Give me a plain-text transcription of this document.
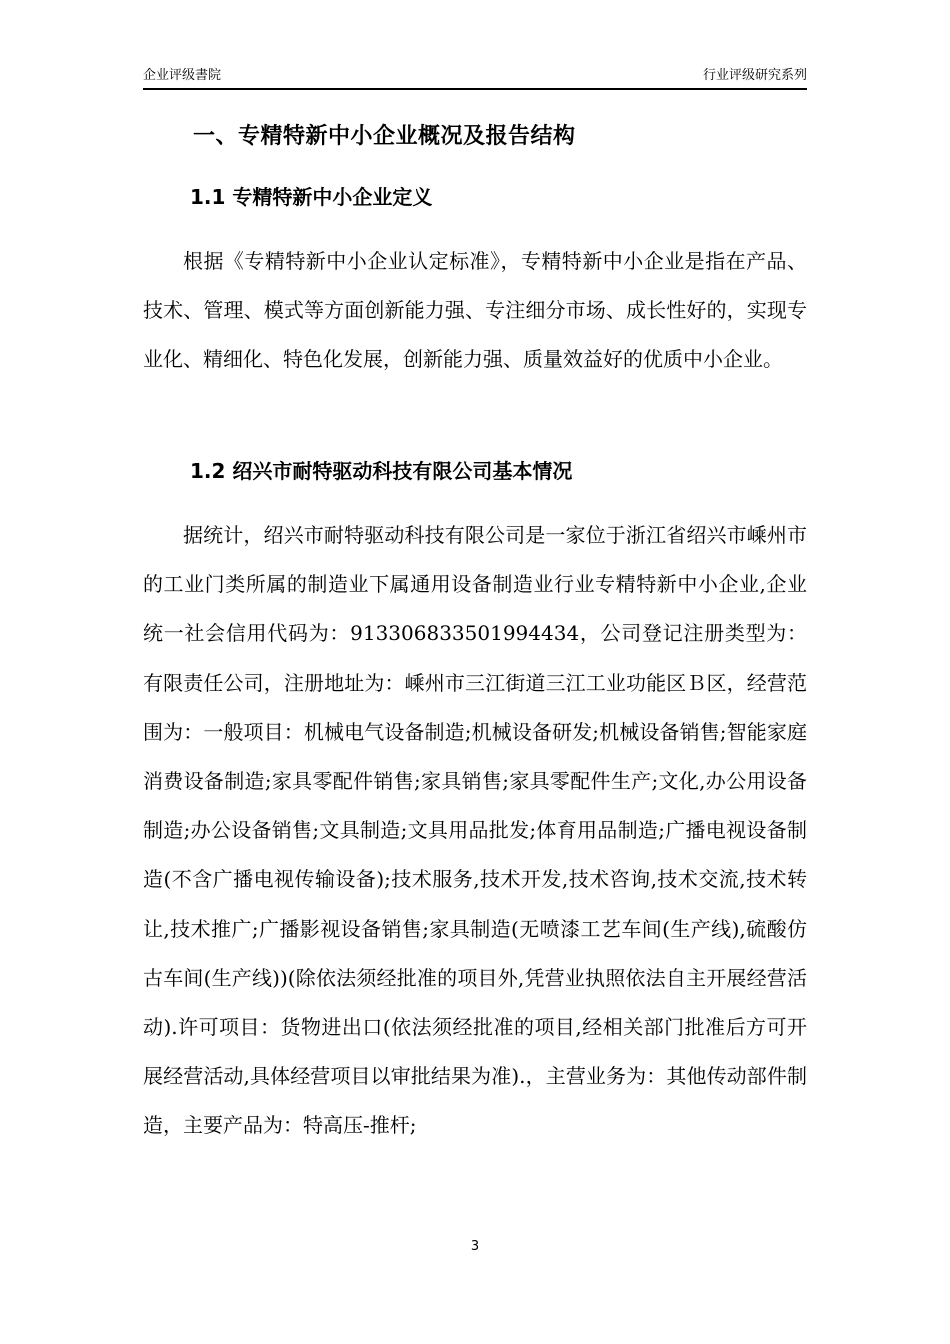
企业评级書院	行业评级研究系列
一、专精特新中小企业概况及报告结构
1.1 专精特新中小企业定义
根据《专精特新中小企业认定标准》，专精特新中小企业是指在产品、技术、管理、模式等方面创新能力强、专注细分市场、成长性好的，实现专业化、精细化、特色化发展，创新能力强、质量效益好的优质中小企业。
1.2 绍兴市耐特驱动科技有限公司基本情况
据统计，绍兴市耐特驱动科技有限公司是一家位于浙江省绍兴市嵊州市的工业门类所属的制造业下属通用设备制造业行业专精特新中小企业,企业统一社会信用代码为：913306833501994434，公司登记注册类型为：有限责任公司，注册地址为：嵊州市三江街道三江工业功能区Ｂ区，经营范围为：一般项目：机械电气设备制造;机械设备研发;机械设备销售;智能家庭消费设备制造;家具零配件销售;家具销售;家具零配件生产;文化,办公用设备制造;办公设备销售;文具制造;文具用品批发;体育用品制造;广播电视设备制造(不含广播电视传输设备);技术服务,技术开发,技术咨询,技术交流,技术转让,技术推广;广播影视设备销售;家具制造(无喷漆工艺车间(生产线),硫酸仿古车间(生产线))(除依法须经批准的项目外,凭营业执照依法自主开展经营活动).许可项目：货物进出口(依法须经批准的项目,经相关部门批准后方可开展经营活动,具体经营项目以审批结果为准).，主营业务为：其他传动部件制造，主要产品为：特高压-推杆;
3
